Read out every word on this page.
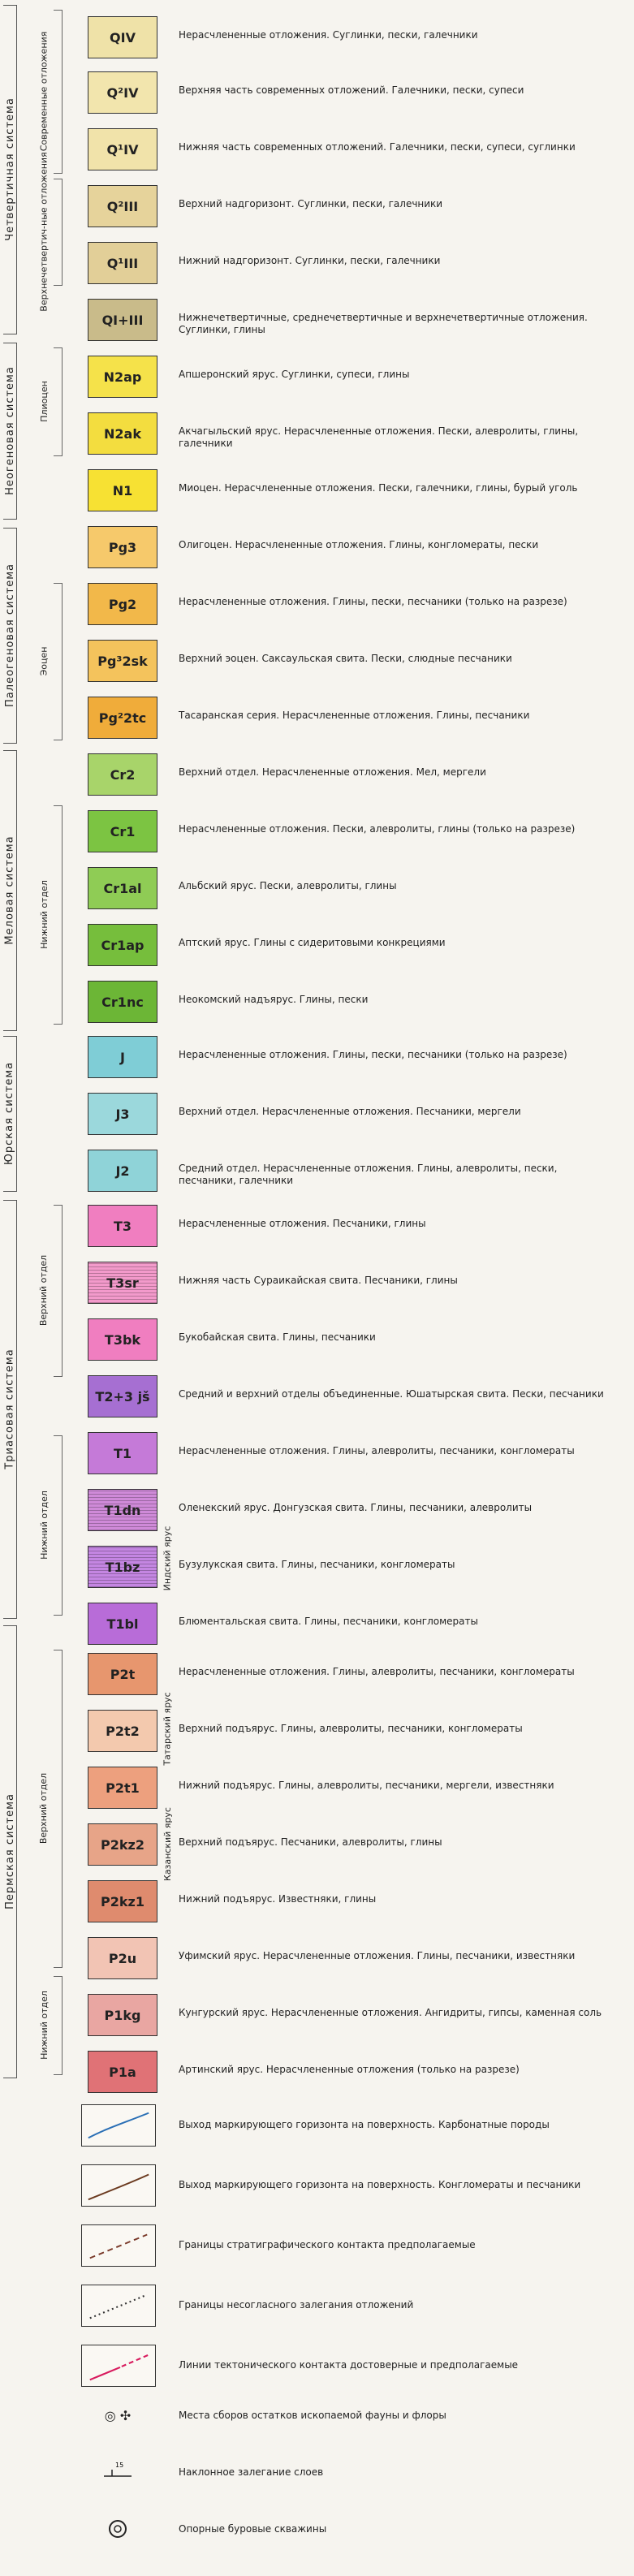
Четвертичная система
Неогеновая система
Палеогеновая система
Меловая система
Юрская система
Триасовая система
Пермская система
Современные отложения
Верхнечетвертич-ные отложения
Плиоцен
Эоцен
Нижний отдел
Верхний отдел
Нижний отдел
Верхний отдел
Нижний отдел
Индский ярус
Татарский ярус
Казанский ярус
QIV	Нерасчлененные отложения. Суглинки, пески, галечники
Q²IV	Верхняя часть современных отложений. Галечники, пески, супеси
Q¹IV	Нижняя часть современных отложений. Галечники, пески, супеси, суглинки
Q²III	Верхний надгоризонт. Суглинки, пески, галечники
Q¹III	Нижний надгоризонт. Суглинки, пески, галечники
QI+III	Нижнечетвертичные, среднечетвертичные и верхнечетвертичные отложения. Суглинки, глины
N2ap	Апшеронский ярус. Суглинки, супеси, глины
N2ak	Акчагыльский ярус. Нерасчлененные отложения. Пески, алевролиты, глины, галечники
N1	Миоцен. Нерасчлененные отложения. Пески, галечники, глины, бурый уголь
Pg3	Олигоцен. Нерасчлененные отложения. Глины, конгломераты, пески
Pg2	Нерасчлененные отложения. Глины, пески, песчаники (только на разрезе)
Pg³2sk	Верхний эоцен. Саксаульская свита. Пески, слюдные песчаники
Pg²2tc	Тасаранская серия. Нерасчлененные отложения. Глины, песчаники
Cr2	Верхний отдел. Нерасчлененные отложения. Мел, мергели
Cr1	Нерасчлененные отложения. Пески, алевролиты, глины (только на разрезе)
Cr1al	Альбский ярус. Пески, алевролиты, глины
Cr1ap	Аптский ярус. Глины с сидеритовыми конкрециями
Cr1nc	Неокомский надъярус. Глины, пески
J	Нерасчлененные отложения. Глины, пески, песчаники (только на разрезе)
J3	Верхний отдел. Нерасчлененные отложения. Песчаники, мергели
J2	Средний отдел. Нерасчлененные отложения. Глины, алевролиты, пески, песчаники, галечники
T3	Нерасчлененные отложения. Песчаники, глины
T3sr	Нижняя часть Сураикайская свита. Песчаники, глины
T3bk	Букобайская свита. Глины, песчаники
T2+3 jš	Средний и верхний отделы объединенные. Юшатырская свита. Пески, песчаники
T1	Нерасчлененные отложения. Глины, алевролиты, песчаники, конгломераты
T1dn	Оленекский ярус. Донгузская свита. Глины, песчаники, алевролиты
T1bz	Бузулукская свита. Глины, песчаники, конгломераты
T1bl	Блюментальская свита. Глины, песчаники, конгломераты
P2t	Нерасчлененные отложения. Глины, алевролиты, песчаники, конгломераты
P2t2	Верхний подъярус. Глины, алевролиты, песчаники, конгломераты
P2t1	Нижний подъярус. Глины, алевролиты, песчаники, мергели, известняки
P2kz2	Верхний подъярус. Песчаники, алевролиты, глины
P2kz1	Нижний подъярус. Известняки, глины
P2u	Уфимский ярус. Нерасчлененные отложения. Глины, песчаники, известняки
P1kg	Кунгурский ярус. Нерасчлененные отложения. Ангидриты, гипсы, каменная соль
P1a	Артинский ярус. Нерасчлененные отложения (только на разрезе)
Выход маркирующего горизонта на поверхность. Карбонатные породы
Выход маркирующего горизонта на поверхность. Конгломераты и песчаники
Границы стратиграфического контакта предполагаемые
Границы несогласного залегания отложений
Линии тектонического контакта достоверные и предполагаемые
◎ ✣	Места сборов остатков ископаемой фауны и флоры
15
Наклонное залегание слоев
Опорные буровые скважины
